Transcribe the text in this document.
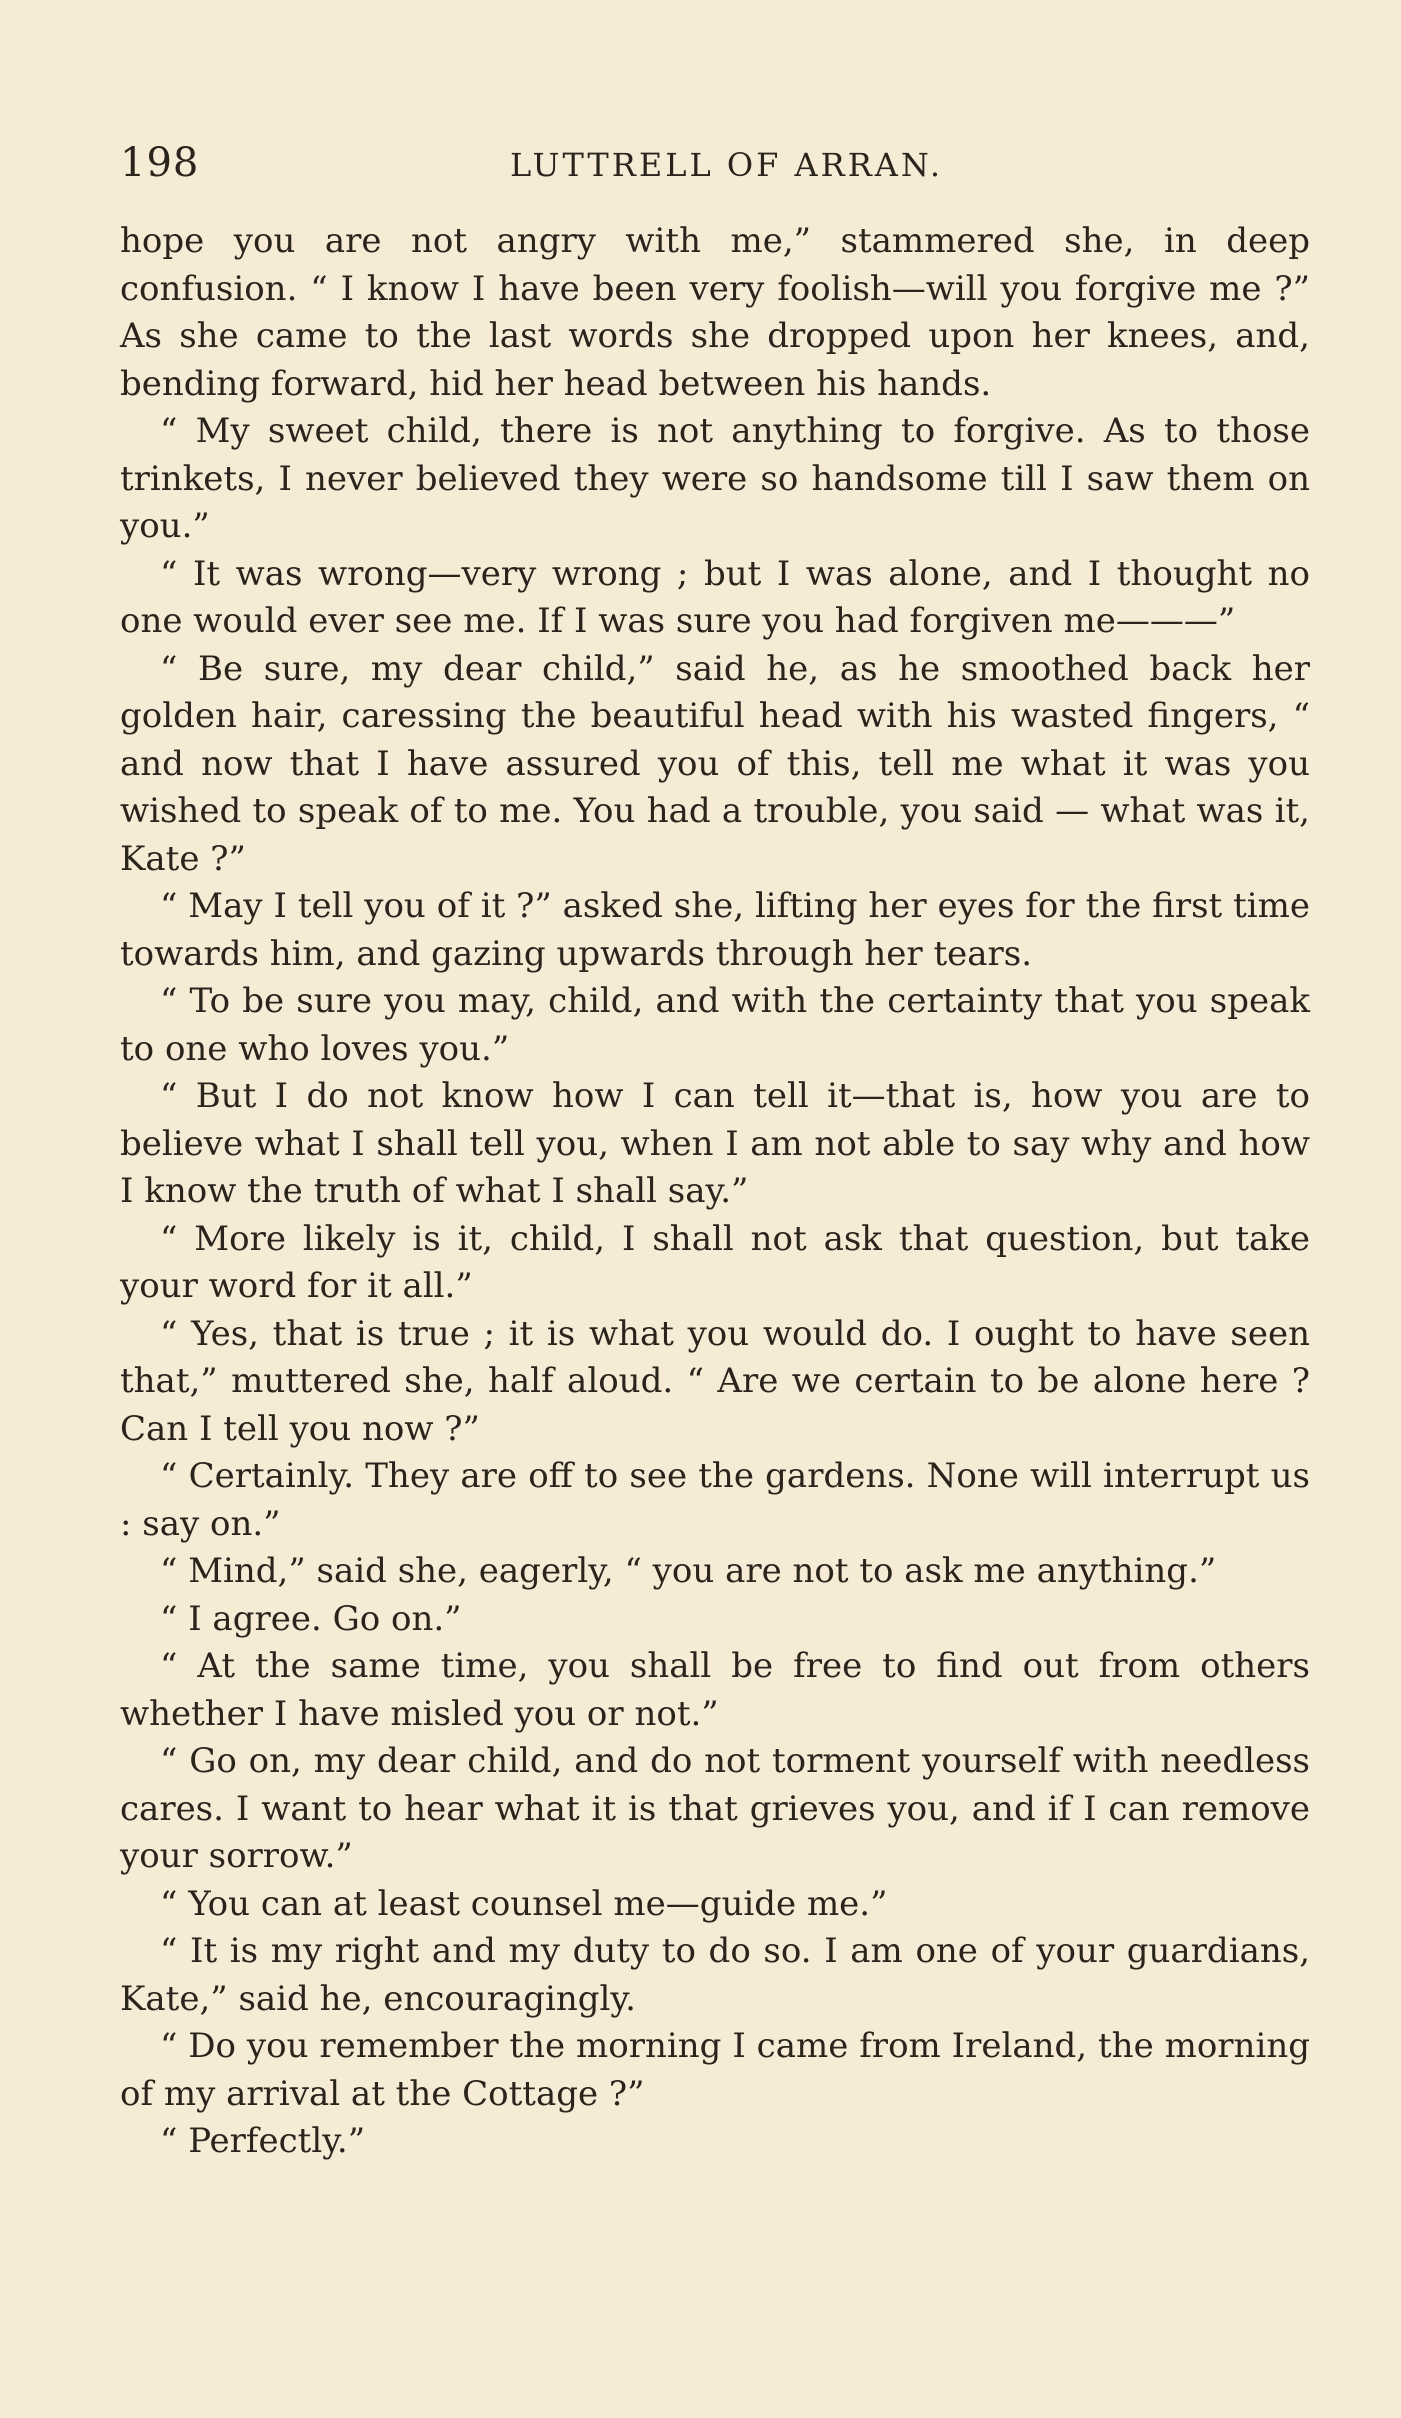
198	LUTTRELL OF ARRAN.

hope you are not angry with me,” stammered she, in deep confusion. “ I know I have been very foolish—will you forgive me ?” As she came to the last words she dropped upon her knees, and, bending forward, hid her head between his hands.

“ My sweet child, there is not anything to forgive. As to those trinkets, I never believed they were so handsome till I saw them on you.”

“ It was wrong—very wrong ; but I was alone, and I thought no one would ever see me. If I was sure you had forgiven me———”

“ Be sure, my dear child,” said he, as he smoothed back her golden hair, caressing the beautiful head with his wasted fingers, “ and now that I have assured you of this, tell me what it was you wished to speak of to me. You had a trouble, you said — what was it, Kate ?”

“ May I tell you of it ?” asked she, lifting her eyes for the first time towards him, and gazing upwards through her tears.

“ To be sure you may, child, and with the certainty that you speak to one who loves you.”

“ But I do not know how I can tell it—that is, how you are to believe what I shall tell you, when I am not able to say why and how I know the truth of what I shall say.”

“ More likely is it, child, I shall not ask that question, but take your word for it all.”

“ Yes, that is true ; it is what you would do. I ought to have seen that,” muttered she, half aloud. “ Are we certain to be alone here ? Can I tell you now ?”

“ Certainly. They are off to see the gardens. None will interrupt us : say on.”

“ Mind,” said she, eagerly, “ you are not to ask me anything.”

“ I agree. Go on.”

“ At the same time, you shall be free to find out from others whether I have misled you or not.”

“ Go on, my dear child, and do not torment yourself with needless cares. I want to hear what it is that grieves you, and if I can remove your sorrow.”

“ You can at least counsel me—guide me.”

“ It is my right and my duty to do so. I am one of your guardians, Kate,” said he, encouragingly.

“ Do you remember the morning I came from Ireland, the morning of my arrival at the Cottage ?”

“ Perfectly.”
